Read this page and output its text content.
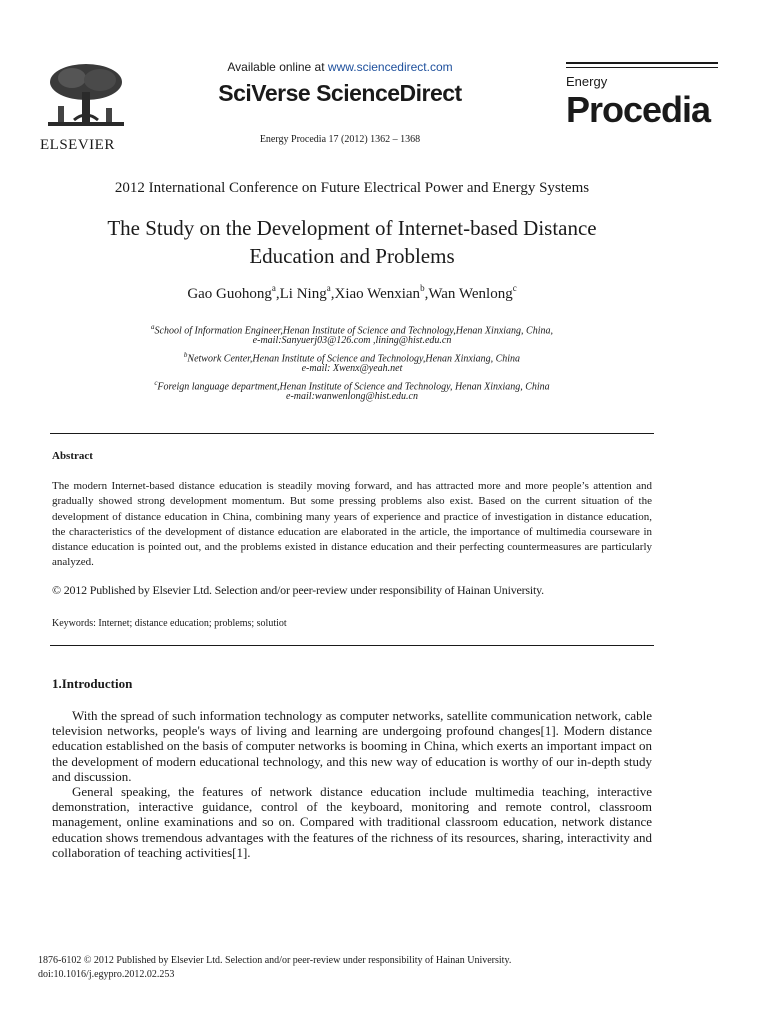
ELSEVIER
Available online at www.sciencedirect.com
SciVerse ScienceDirect
Energy Procedia 17 (2012) 1362 – 1368
Energy
Procedia
2012 International Conference on Future Electrical Power and Energy Systems
The Study on the Development of Internet-based Distance
Education and Problems
Gao Guohong$^a$,Li Ning$^a$,Xiao Wenxian$^b$,Wan Wenlong$^c$
$^a$School of Information Engineer,Henan Institute of Science and Technology,Henan Xinxiang, China,
e-mail:Sanyuerj03@126.com ,lining@hist.edu.cn
$^b$Network Center,Henan Institute of Science and Technology,Henan Xinxiang, China
e-mail: Xwenx@yeah.net
$^c$Foreign language department,Henan Institute of Science and Technology, Henan Xinxiang, China
e-mail:wanwenlong@hist.edu.cn
Abstract
The modern Internet-based distance education is steadily moving forward, and has attracted more and more people’s attention and gradually showed strong development momentum. But some pressing problems also exist. Based on the current situation of the development of distance education in China, combining many years of experience and practice of investigation in distance education, the characteristics of the development of distance education are elaborated in the article, the importance of multimedia courseware in distance education is pointed out, and the problems existed in distance education and their perfecting countermeasures are particularly analyzed.
© 2012 Published by Elsevier Ltd. Selection and/or peer-review under responsibility of Hainan University.
Keywords: Internet; distance education; problems; solutiot
1.Introduction

With the spread of such information technology as computer networks, satellite communication network, cable television networks, people's ways of living and learning are undergoing profound changes[1]. Modern distance education established on the basis of computer networks is booming in China, which exerts an important impact on the development of modern educational technology, and this new way of education is worthy of our in-depth study and discussion.

General speaking, the features of network distance education include multimedia teaching, interactive demonstration, interactive guidance, control of the keyboard, monitoring and remote control, classroom management, online examinations and so on. Compared with traditional classroom education, network distance education shows tremendous advantages with the features of the richness of its resources, sharing, interactivity and collaboration of teaching activities[1].

1876-6102 © 2012 Published by Elsevier Ltd. Selection and/or peer-review under responsibility of Hainan University.
doi:10.1016/j.egypro.2012.02.253
